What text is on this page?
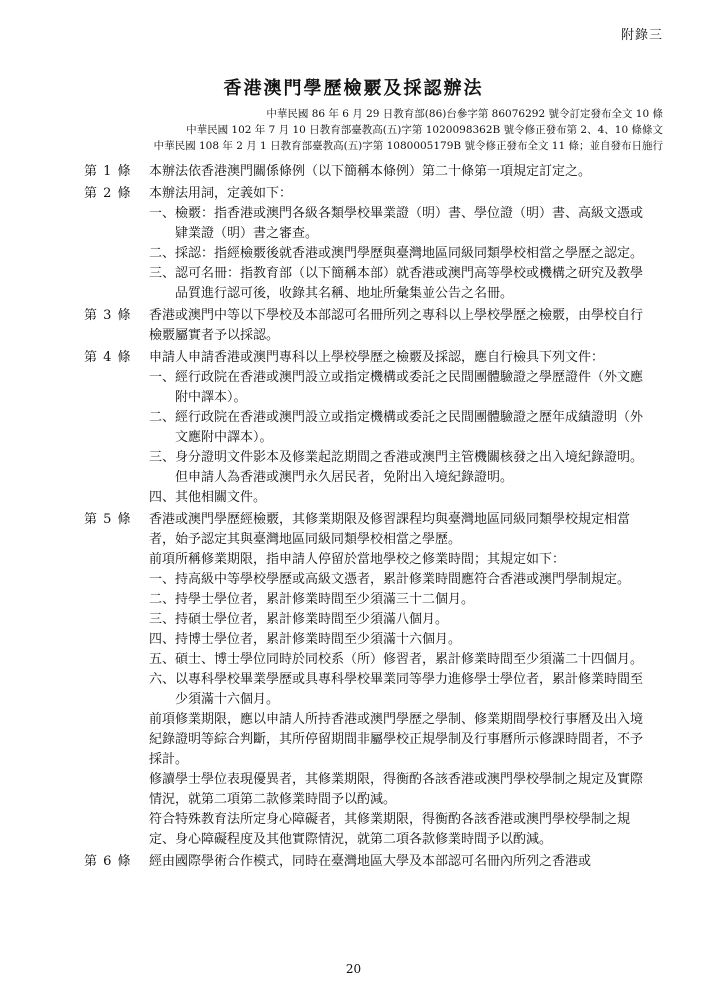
附錄三
香港澳門學歷檢覈及採認辦法
中華民國 86 年 6 月 29 日教育部(86)台參字第 86076292 號令訂定發布全文 10 條
中華民國 102 年 7 月 10 日教育部臺教高(五)字第 1020098362B 號令修正發布第 2、4、10 條條文
中華民國 108 年 2 月 1 日教育部臺教高(五)字第 1080005179B 號令修正發布全文 11 條；並自發布日施行
第 1 條	本辦法依香港澳門關係條例（以下簡稱本條例）第二十條第一項規定訂定之。

第 2 條	本辦法用詞，定義如下：

一、 檢覈：指香港或澳門各級各類學校畢業證（明）書、學位證（明）書、高級文憑或肄業證（明）書之審查。
二、 採認：指經檢覈後就香港或澳門學歷與臺灣地區同級同類學校相當之學歷之認定。
三、 認可名冊：指教育部（以下簡稱本部）就香港或澳門高等學校或機構之研究及教學品質進行認可後，收錄其名稱、地址所彙集並公告之名冊。
第 3 條	香港或澳門中等以下學校及本部認可名冊所列之專科以上學校學歷之檢覈，由學校自行檢覈屬實者予以採認。

第 4 條	申請人申請香港或澳門專科以上學校學歷之檢覈及採認，應自行檢具下列文件：

一、 經行政院在香港或澳門設立或指定機構或委託之民間團體驗證之學歷證件（外文應附中譯本）。
二、 經行政院在香港或澳門設立或指定機構或委託之民間團體驗證之歷年成績證明（外文應附中譯本）。
三、 身分證明文件影本及修業起訖期間之香港或澳門主管機關核發之出入境紀錄證明。但申請人為香港或澳門永久居民者，免附出入境紀錄證明。
四、 其他相關文件。
第 5 條	香港或澳門學歷經檢覈，其修業期限及修習課程均與臺灣地區同級同類學校規定相當者，始予認定其與臺灣地區同級同類學校相當之學歷。

前項所稱修業期限，指申請人停留於當地學校之修業時間；其規定如下：

一、 持高級中等學校學歷或高級文憑者，累計修業時間應符合香港或澳門學制規定。
二、 持學士學位者，累計修業時間至少須滿三十二個月。
三、 持碩士學位者，累計修業時間至少須滿八個月。
四、 持博士學位者，累計修業時間至少須滿十六個月。
五、 碩士、博士學位同時於同校系（所）修習者，累計修業時間至少須滿二十四個月。
六、 以專科學校畢業學歷或具專科學校畢業同等學力進修學士學位者，累計修業時間至少須滿十六個月。

前項修業期限，應以申請人所持香港或澳門學歷之學制、修業期間學校行事曆及出入境紀錄證明等綜合判斷，其所停留期間非屬學校正規學制及行事曆所示修課時間者，不予採計。

修讀學士學位表現優異者，其修業期限，得衡酌各該香港或澳門學校學制之規定及實際情況，就第二項第二款修業時間予以酌減。

符合特殊教育法所定身心障礙者，其修業期限，得衡酌各該香港或澳門學校學制之規定、身心障礙程度及其他實際情況，就第二項各款修業時間予以酌減。

第 6 條	經由國際學術合作模式，同時在臺灣地區大學及本部認可名冊內所列之香港或

20
